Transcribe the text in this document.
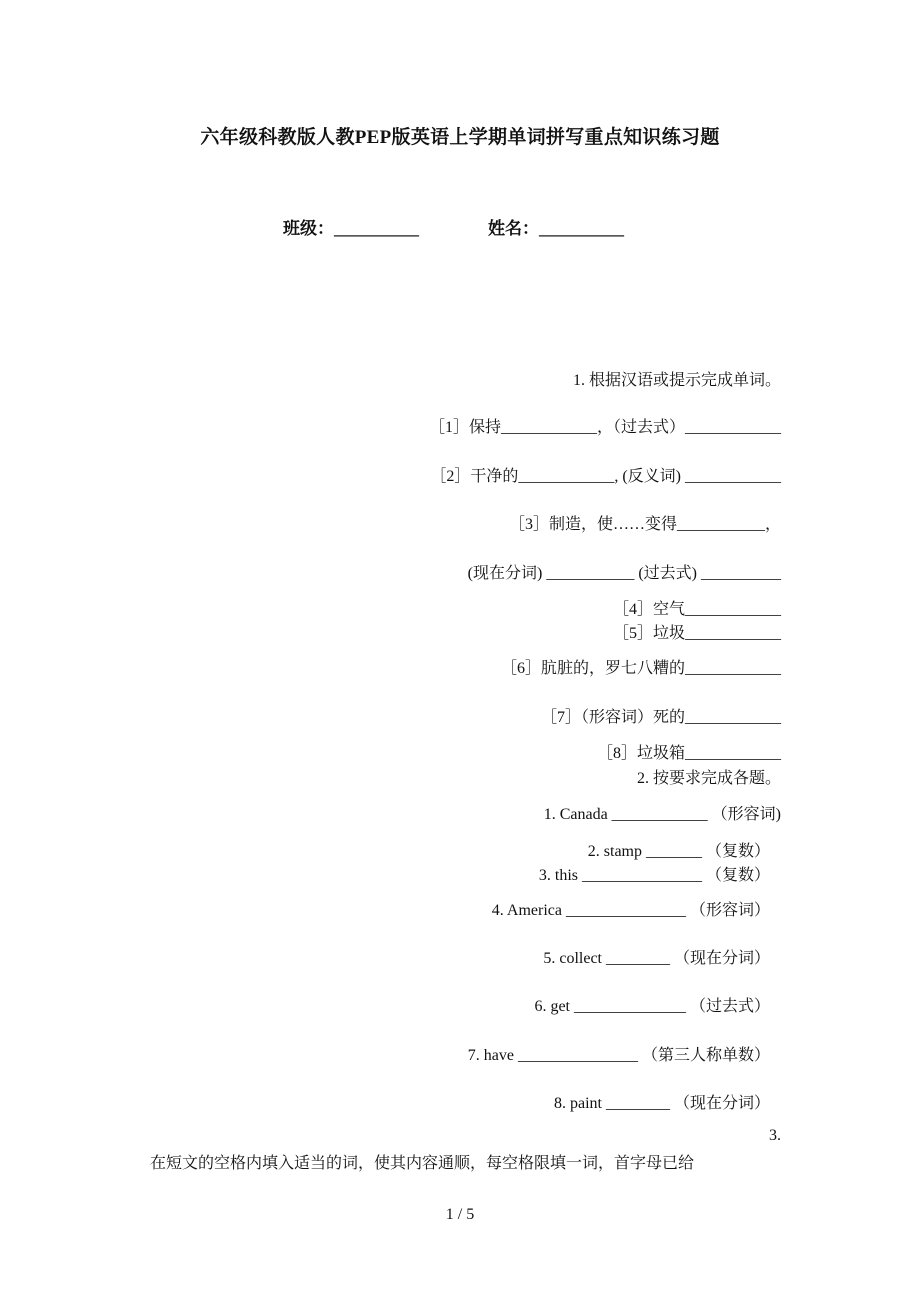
六年级科教版人教PEP版英语上学期单词拼写重点知识练习题
班级：__________	姓名：__________
1. 根据汉语或提示完成单词。
［1］保持____________，（过去式）____________
［2］干净的____________, (反义词) ____________
［3］制造，使……变得___________，
(现在分词) ___________ (过去式) __________
［4］空气____________
［5］垃圾____________
［6］肮脏的，罗七八糟的____________
［7］（形容词）死的____________
［8］垃圾箱____________
2. 按要求完成各题。
1. Canada ____________ （形容词)
2. stamp _______ （复数）
3. this _______________ （复数）
4. America _______________ （形容词）
5. collect ________ （现在分词）
6. get ______________ （过去式）
7. have _______________ （第三人称单数）
8. paint ________ （现在分词）
3.
在短文的空格内填入适当的词，使其内容通顺，每空格限填一词，首字母已给
1 / 5
